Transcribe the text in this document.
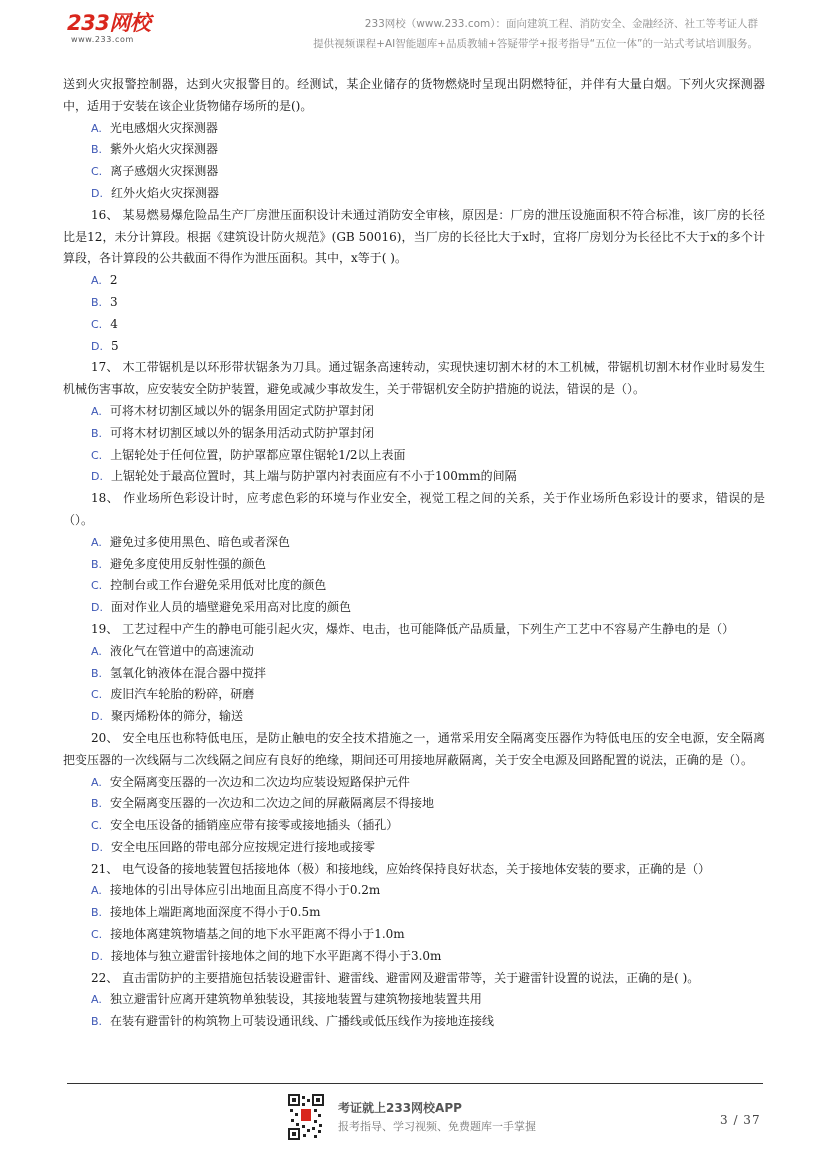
233网校
www.233.com
233网校（www.233.com）：面向建筑工程、消防安全、金融经济、社工等考证人群
提供视频课程+AI智能题库+品质教辅+答疑带学+报考指导“五位一体”的一站式考试培训服务。

送到火灾报警控制器，达到火灾报警目的。经测试，某企业储存的货物燃烧时呈现出阴燃特征，并伴有大量白烟。下列火灾探测器中，适用于安装在该企业货物储存场所的是()。

A. 光电感烟火灾探测器

B. 紫外火焰火灾探测器

C. 离子感烟火灾探测器

D. 红外火焰火灾探测器

16、 某易燃易爆危险品生产厂房泄压面积设计未通过消防安全审核，原因是：厂房的泄压设施面积不符合标准，该厂房的长径比是12，未分计算段。根据《建筑设计防火规范》(GB 50016)，当厂房的长径比大于x时，宜将厂房划分为长径比不大于x的多个计算段，各计算段的公共截面不得作为泄压面积。其中，x等于( )。

A. 2

B. 3

C. 4

D. 5

17、 木工带锯机是以环形带状锯条为刀具。通过锯条高速转动，实现快速切割木材的木工机械，带锯机切割木材作业时易发生机械伤害事故，应安装安全防护装置，避免或减少事故发生，关于带锯机安全防护措施的说法，错误的是（）。

A. 可将木材切割区域以外的锯条用固定式防护罩封闭

B. 可将木材切割区域以外的锯条用活动式防护罩封闭

C. 上锯轮处于任何位置，防护罩都应罩住锯轮1/2以上表面

D. 上锯轮处于最高位置时，其上端与防护罩内衬表面应有不小于100mm的间隔

18、 作业场所色彩设计时，应考虑色彩的环境与作业安全，视觉工程之间的关系，关于作业场所色彩设计的要求，错误的是（）。

A. 避免过多使用黑色、暗色或者深色

B. 避免多度使用反射性强的颜色

C. 控制台或工作台避免采用低对比度的颜色

D. 面对作业人员的墙壁避免采用高对比度的颜色

19、 工艺过程中产生的静电可能引起火灾，爆炸、电击，也可能降低产品质量，下列生产工艺中不容易产生静电的是（）

A. 液化气在管道中的高速流动

B. 氢氧化钠液体在混合器中搅拌

C. 废旧汽车轮胎的粉碎，研磨

D. 聚丙烯粉体的筛分，输送

20、 安全电压也称特低电压，是防止触电的安全技术措施之一，通常采用安全隔离变压器作为特低电压的安全电源，安全隔离把变压器的一次线隔与二次线隔之间应有良好的绝缘，期间还可用接地屏蔽隔离，关于安全电源及回路配置的说法，正确的是（）。

A. 安全隔离变压器的一次边和二次边均应装设短路保护元件

B. 安全隔离变压器的一次边和二次边之间的屏蔽隔离层不得接地

C. 安全电压设备的插销座应带有接零或接地插头（插孔）

D. 安全电压回路的带电部分应按规定进行接地或接零

21、 电气设备的接地装置包括接地体（极）和接地线，应始终保持良好状态，关于接地体安装的要求，正确的是（）

A. 接地体的引出导体应引出地面且高度不得小于0.2m

B. 接地体上端距离地面深度不得小于0.5m

C. 接地体离建筑物墙基之间的地下水平距离不得小于1.0m

D. 接地体与独立避雷针接地体之间的地下水平距离不得小于3.0m

22、 直击雷防护的主要措施包括装设避雷针、避雷线、避雷网及避雷带等，关于避雷针设置的说法，正确的是( )。

A. 独立避雷针应离开建筑物单独装设，其接地装置与建筑物接地装置共用

B. 在装有避雷针的构筑物上可装设通讯线、广播线或低压线作为接地连接线

考证就上233网校APP
报考指导、学习视频、免费题库一手掌握	3 / 37
